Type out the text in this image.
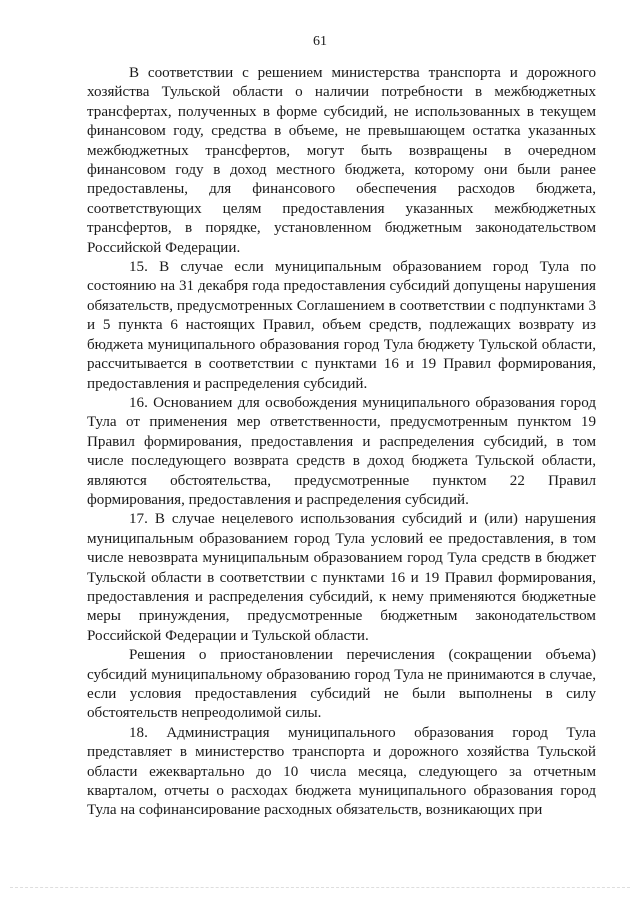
61

В соответствии с решением министерства транспорта и дорожного хозяйства Тульской области о наличии потребности в межбюджетных трансфертах, полученных в форме субсидий, не использованных в текущем финансовом году, средства в объеме, не превышающем остатка указанных межбюджетных трансфертов, могут быть возвращены в очередном финансовом году в доход местного бюджета, которому они были ранее предоставлены, для финансового обеспечения расходов бюджета, соответствующих целям предоставления указанных межбюджетных трансфертов, в порядке, установленном бюджетным законодательством Российской Федерации.

15. В случае если муниципальным образованием город Тула по состоянию на 31 декабря года предоставления субсидий допущены нарушения обязательств, предусмотренных Соглашением в соответствии с подпунктами 3 и 5 пункта 6 настоящих Правил, объем средств, подлежащих возврату из бюджета муниципального образования город Тула бюджету Тульской области, рассчитывается в соответствии с пунктами 16 и 19 Правил формирования, предоставления и распределения субсидий.

16. Основанием для освобождения муниципального образования город Тула от применения мер ответственности, предусмотренным пунктом 19 Правил формирования, предоставления и распределения субсидий, в том числе последующего возврата средств в доход бюджета Тульской области, являются обстоятельства, предусмотренные пунктом 22 Правил формирования, предоставления и распределения субсидий.

17. В случае нецелевого использования субсидий и (или) нарушения муниципальным образованием город Тула условий ее предоставления, в том числе невозврата муниципальным образованием город Тула средств в бюджет Тульской области в соответствии с пунктами 16 и 19 Правил формирования, предоставления и распределения субсидий, к нему применяются бюджетные меры принуждения, предусмотренные бюджетным законодательством Российской Федерации и Тульской области.

Решения о приостановлении перечисления (сокращении объема) субсидий муниципальному образованию город Тула не принимаются в случае, если условия предоставления субсидий не были выполнены в силу обстоятельств непреодолимой силы.

18. Администрация муниципального образования город Тула представляет в министерство транспорта и дорожного хозяйства Тульской области ежеквартально до 10 числа месяца, следующего за отчетным кварталом, отчеты о расходах бюджета муниципального образования город Тула на софинансирование расходных обязательств, возникающих при
